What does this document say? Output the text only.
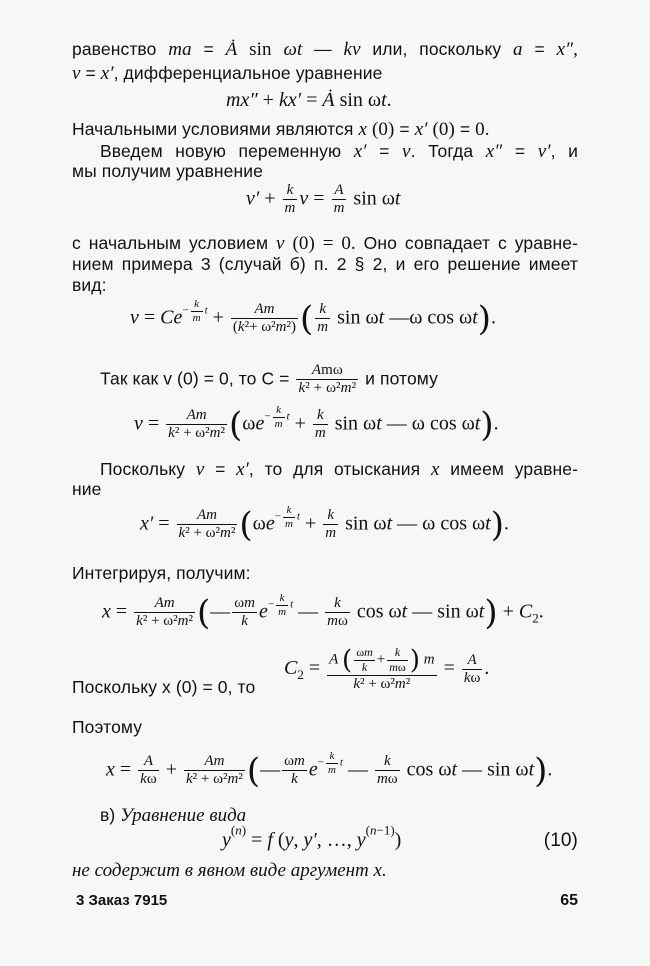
равенство ma = Ȧ sin ωt — kv или, поскольку a = x″,
v = x′, дифференциальное уравнение
mx″ + kx′ = Ȧ sin ωt.
Начальными условиями являются x (0) = x′ (0) = 0.
Введем новую переменную x′ = v. Тогда x″ = v′, и
мы получим уравнение
$v' + \frac{k}{m}$ $v = \frac{A}{m}$ sin ωt
с начальным условием v (0) = 0. Оно совпадает с уравне-
нием примера 3 (случай б) п. 2 § 2, и его решение имеет
вид:
$v = Ce- \frac{k}{m}$ $t + \frac{Am}{\text{(k²+ ω²m²)}}$ ( $\frac{k}{m}$ sin ωt —ω cos ωt).
Так как v (0) = 0, то $C = \frac{\text{Amω}}{\text{k² + ω²m²}}$ и потому
$v = \frac{Am}{\text{k² + ω²m²}} (\omega e- \frac{k}{m}$ $t + \frac{k}{m}$ sin ωt — ω cos ωt).
Поскольку v = x′, то для отыскания x имеем уравне-
ние
$x' = \frac{Am}{\text{k² + ω²m²}} (\omega e- \frac{k}{m}$ $t + \frac{k}{m}$ sin ωt — ω cos ωt).
Интегрируя, получим:
$x = \frac{Am}{\text{k² + ω²m²}}$ (— $\frac{\omega m}{k} e- \frac{k}{m}$ t — $\frac{k}{m\omega}$ cos ωt — $\sin \omega t) + C_2$.
Поскольку x (0) = 0, то
$C_2 = \frac{A ( \frac{\omega m}{k} + \frac{k}{m\omega} ) m}{\text{k² + ω²m²}} = \frac{A}{k\omega}$ .
Поэтому
$x = \frac{A}{k\omega} + \frac{Am}{\text{k² + ω²m²}}$ (— $\frac{\omega m}{k} e- \frac{k}{m}$ t — $\frac{k}{m\omega}$ cos ωt — sin ωt).
в) Уравнение вида
$y^{(n)} = f$ (y, y′, …, $y^{(n-1)}$)	(10)
не содержит в явном виде аргумент x.
3 Заказ 7915	65
